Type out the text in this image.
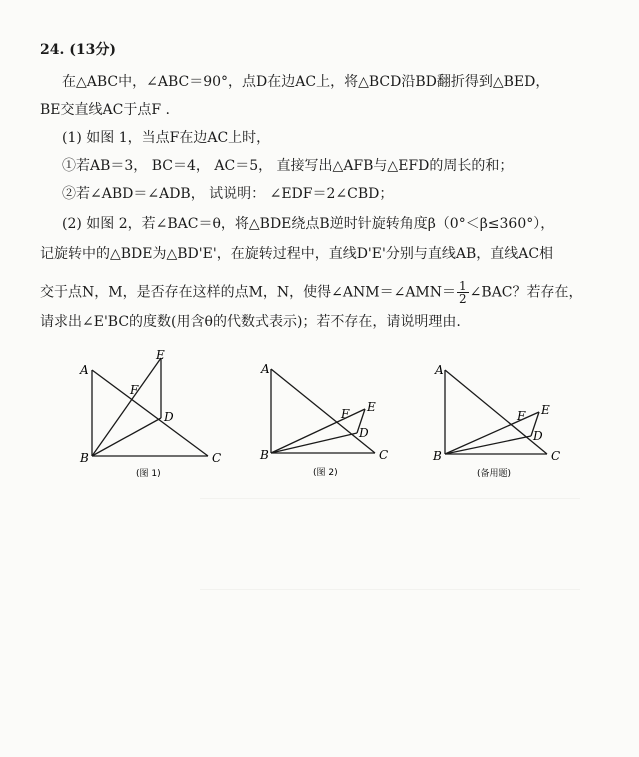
24. (13分)
在△ABC中，∠ABC＝90°，点D在边AC上，将△BCD沿BD翻折得到△BED，
BE交直线AC于点F .
(1) 如图 1，当点F在边AC上时，
①若AB＝3， BC＝4， AC＝5， 直接写出△AFB与△EFD的周长的和；
②若∠ABD＝∠ADB， 试说明： ∠EDF＝2∠CBD；
(2) 如图 2，若∠BAC＝θ，将△BDE绕点B逆时针旋转角度β（0°＜β≤360°），
记旋转中的△BDE为△BD'E'，在旋转过程中，直线D'E'分别与直线AB，直线AC相
交于点N，M，是否存在这样的点M，N，使得∠ANM＝∠AMN＝ $\frac{1}{2}$ ∠BAC？若存在，
请求出∠E'BC的度数(用含θ的代数式表示)；若不存在，请说明理由.
A
B	C
D
E
F
(图 1)
A
B	C
D
E
F
(图 2)
A
B	C
D
E
F
(备用题)
